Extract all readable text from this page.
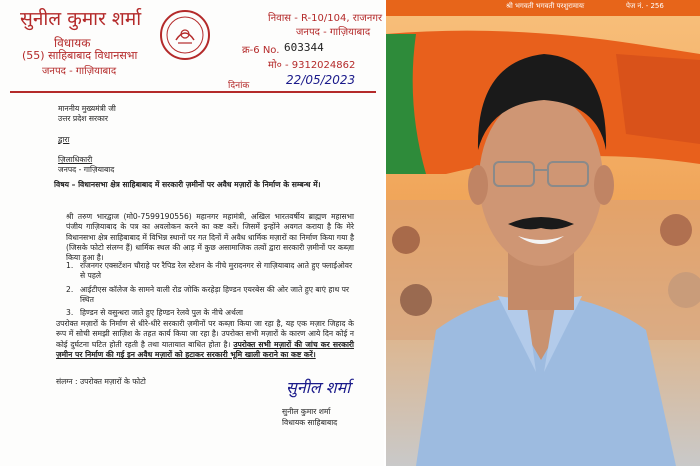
सुनील कुमार शर्मा
विधायक
(55) साहिबाबाद विधानसभा
जनपद - गाज़ियाबाद
निवास - R-10/104, राजनगर
जनपद - गाज़ियाबाद
क्र-6 No. 603344
मो० - 9312024862
दिनांक	22/05/2023
माननीय मुख्यमंत्री जी
उत्तर प्रदेश सरकार
द्वारा
ज़िलाधिकारी
जनपद - गाज़ियाबाद
विषय – विधानसभा क्षेत्र साहिबाबाद में सरकारी ज़मीनों पर अवैध मज़ारों के निर्माण के सम्बन्ध में।
श्री तरुण भारद्वाज (मो0-7599190556) महानगर महामंत्री, अखिल भारतवर्षीय ब्राह्मण महासभा पंजीय गाज़ियाबाद के पत्र का अवलोकन करने का कष्ट करें। जिसमें इन्होंने अवगत कराया है कि मेरे विधानसभा क्षेत्र साहिबाबाद में विभिन्न स्थानों पर गत दिनों में अवैध धार्मिक मज़ारों का निर्माण किया गया है (जिसके फोटो संलग्न हैं) धार्मिक स्थल की आड़ में कुछ असामाजिक तत्वों द्वारा सरकारी ज़मीनों पर कब्ज़ा किया हुआ है।
1. राजनगर एक्सटेंशन चौराहे पर रैपिड रेल स्टेशन के नीचे मुरादनगर से गाज़ियाबाद आते हुए फ्लाईओवर से पहले
2. आईटीएस कॉलेज के सामने वाली रोड जोकि करहेड़ा हिण्डन एयरबेस की ओर जाते हुए बाएं हाथ पर स्थित
3. हिण्डन से वसुन्धरा जाते हुए हिण्डन रेलवे पुल के नीचे अर्थला
उपरोक्त मज़ारों के निर्माण से धीरे-धीरे सरकारी ज़मीनों पर कब्ज़ा किया जा रहा है, यह एक मज़ार जिहाद के रूप में सोची समझी साज़िश के तहत कार्य किया जा रहा है। उपरोक्त सभी मज़ारों के कारण आये दिन कोई न कोई दुर्घटना घटित होती रहती है तथा यातायात बाधित होता है। उपरोक्त सभी मज़ारों की जांच कर सरकारी ज़मीन पर निर्माण की गई इन अवैध मज़ारों को हटाकर सरकारी भूमि खाली कराने का कष्ट करें।
संलग्न : उपरोक्त मज़ारों के फोटो	सुनील शर्मा
सुनील कुमार शर्मा
विधायक साहिबाबाद
श्री भगवती भगवती परशुरामायः	पेज नं. - 256
